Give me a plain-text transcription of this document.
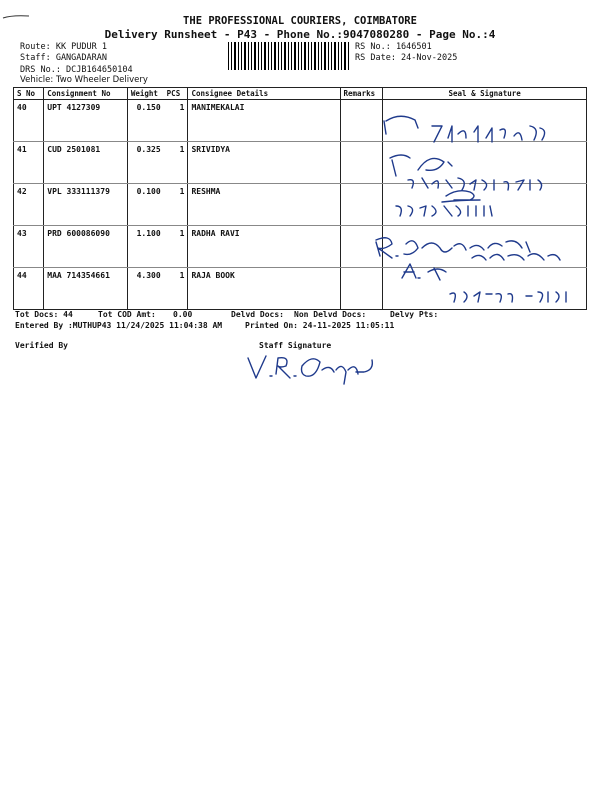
THE PROFESSIONAL COURIERS, COIMBATORE
Delivery Runsheet - P43 - Phone No.:9047080280 - Page No.:4
Route: KK PUDUR 1
Staff: GANGADARAN
DRS No.: DCJB164650104
Vehicle: Two Wheeler Delivery
RS No.: 1646501
RS Date: 24-Nov-2025
S No	Consignment No	Weight	PCS	Consignee Details	Remarks	Seal & Signature
40	UPT 4127309	0.150	1	MANIMEKALAI		
41	CUD 2501081	0.325	1	SRIVIDYA		
42	VPL 333111379	0.100	1	RESHMA		
43	PRD 600086090	1.100	1	RADHA RAVI		
44	MAA 714354661	4.300	1	RAJA BOOK		
Tot Docs: 44	Tot COD Amt: 0.00	Delvd Docs: Non Delvd Docs:	Delvy Pts:
Entered By :MUTHUP43 11/24/2025 11:04:38 AM	Printed On: 24-11-2025 11:05:11
Verified By	Staff Signature
